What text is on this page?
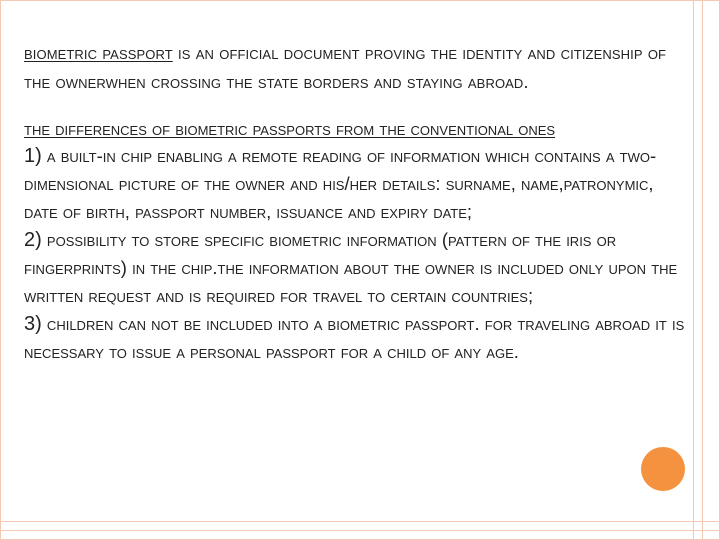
biometric passport is an official document proving the identity and citizenship of the ownerwhen crossing the state borders and staying abroad.

the differences of biometric passports from the conventional ones

1) a built-in chip enabling a remote reading of information which contains a two-dimensional picture of the owner and his/her details: surname, name,patronymic, date of birth, passport number, issuance and expiry date;

2) possibility to store specific biometric information (pattern of the iris or fingerprints) in the chip.the information about the owner is included only upon the written request and is required for travel to certain countries;

3) children can not be included into a biometric passport. for traveling abroad it is necessary to issue a personal passport for a child of any age.
